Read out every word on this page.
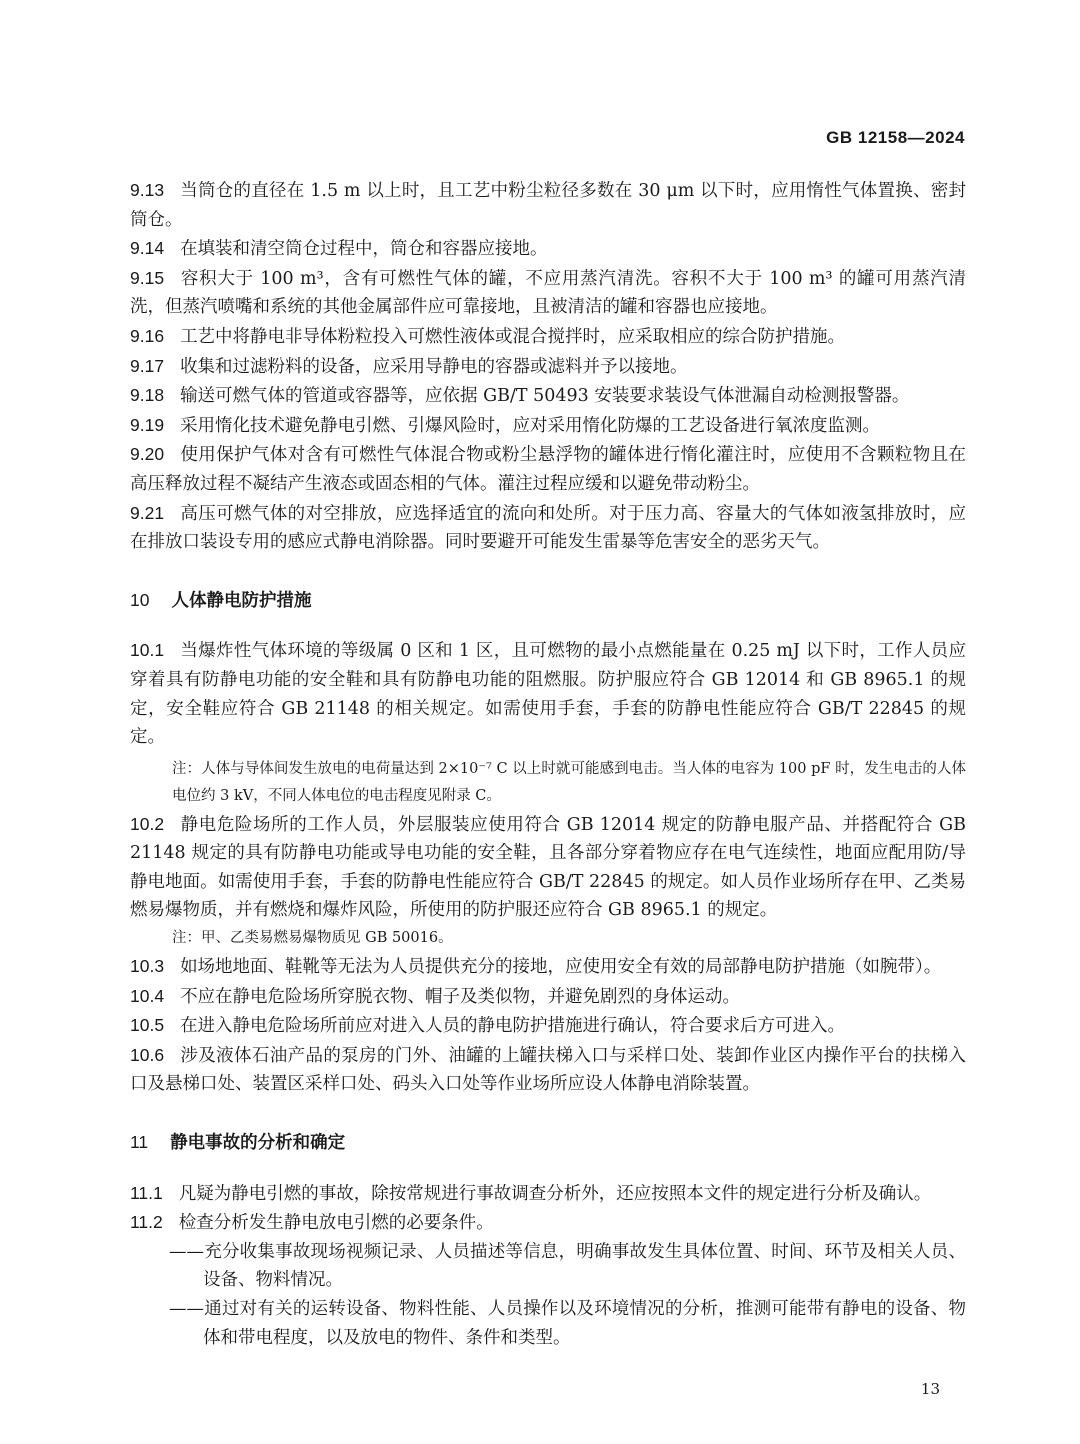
GB 12158—2024

9.13 当筒仓的直径在 1.5 m 以上时，且工艺中粉尘粒径多数在 30 μm 以下时，应用惰性气体置换、密封筒仓。

9.14 在填装和清空筒仓过程中，筒仓和容器应接地。

9.15 容积大于 100 m³，含有可燃性气体的罐，不应用蒸汽清洗。容积不大于 100 m³ 的罐可用蒸汽清洗，但蒸汽喷嘴和系统的其他金属部件应可靠接地，且被清洁的罐和容器也应接地。

9.16 工艺中将静电非导体粉粒投入可燃性液体或混合搅拌时，应采取相应的综合防护措施。

9.17 收集和过滤粉料的设备，应采用导静电的容器或滤料并予以接地。

9.18 输送可燃气体的管道或容器等，应依据 GB/T 50493 安装要求装设气体泄漏自动检测报警器。

9.19 采用惰化技术避免静电引燃、引爆风险时，应对采用惰化防爆的工艺设备进行氧浓度监测。

9.20 使用保护气体对含有可燃性气体混合物或粉尘悬浮物的罐体进行惰化灌注时，应使用不含颗粒物且在高压释放过程不凝结产生液态或固态相的气体。灌注过程应缓和以避免带动粉尘。

9.21 高压可燃气体的对空排放，应选择适宜的流向和处所。对于压力高、容量大的气体如液氢排放时，应在排放口装设专用的感应式静电消除器。同时要避开可能发生雷暴等危害安全的恶劣天气。

10 人体静电防护措施

10.1 当爆炸性气体环境的等级属 0 区和 1 区，且可燃物的最小点燃能量在 0.25 mJ 以下时，工作人员应穿着具有防静电功能的安全鞋和具有防静电功能的阻燃服。防护服应符合 GB 12014 和 GB 8965.1 的规定，安全鞋应符合 GB 21148 的相关规定。如需使用手套，手套的防静电性能应符合 GB/T 22845 的规定。

注：人体与导体间发生放电的电荷量达到 2×10⁻⁷ C 以上时就可能感到电击。当人体的电容为 100 pF 时，发生电击的人体电位约 3 kV，不同人体电位的电击程度见附录 C。

10.2 静电危险场所的工作人员，外层服装应使用符合 GB 12014 规定的防静电服产品、并搭配符合 GB 21148 规定的具有防静电功能或导电功能的安全鞋，且各部分穿着物应存在电气连续性，地面应配用防/导静电地面。如需使用手套，手套的防静电性能应符合 GB/T 22845 的规定。如人员作业场所存在甲、乙类易燃易爆物质，并有燃烧和爆炸风险，所使用的防护服还应符合 GB 8965.1 的规定。

注：甲、乙类易燃易爆物质见 GB 50016。

10.3 如场地地面、鞋靴等无法为人员提供充分的接地，应使用安全有效的局部静电防护措施（如腕带）。

10.4 不应在静电危险场所穿脱衣物、帽子及类似物，并避免剧烈的身体运动。

10.5 在进入静电危险场所前应对进入人员的静电防护措施进行确认，符合要求后方可进入。

10.6 涉及液体石油产品的泵房的门外、油罐的上罐扶梯入口与采样口处、装卸作业区内操作平台的扶梯入口及悬梯口处、装置区采样口处、码头入口处等作业场所应设人体静电消除装置。

11 静电事故的分析和确定

11.1 凡疑为静电引燃的事故，除按常规进行事故调查分析外，还应按照本文件的规定进行分析及确认。

11.2 检查分析发生静电放电引燃的必要条件。

——充分收集事故现场视频记录、人员描述等信息，明确事故发生具体位置、时间、环节及相关人员、设备、物料情况。

——通过对有关的运转设备、物料性能、人员操作以及环境情况的分析，推测可能带有静电的设备、物体和带电程度，以及放电的物件、条件和类型。

13
